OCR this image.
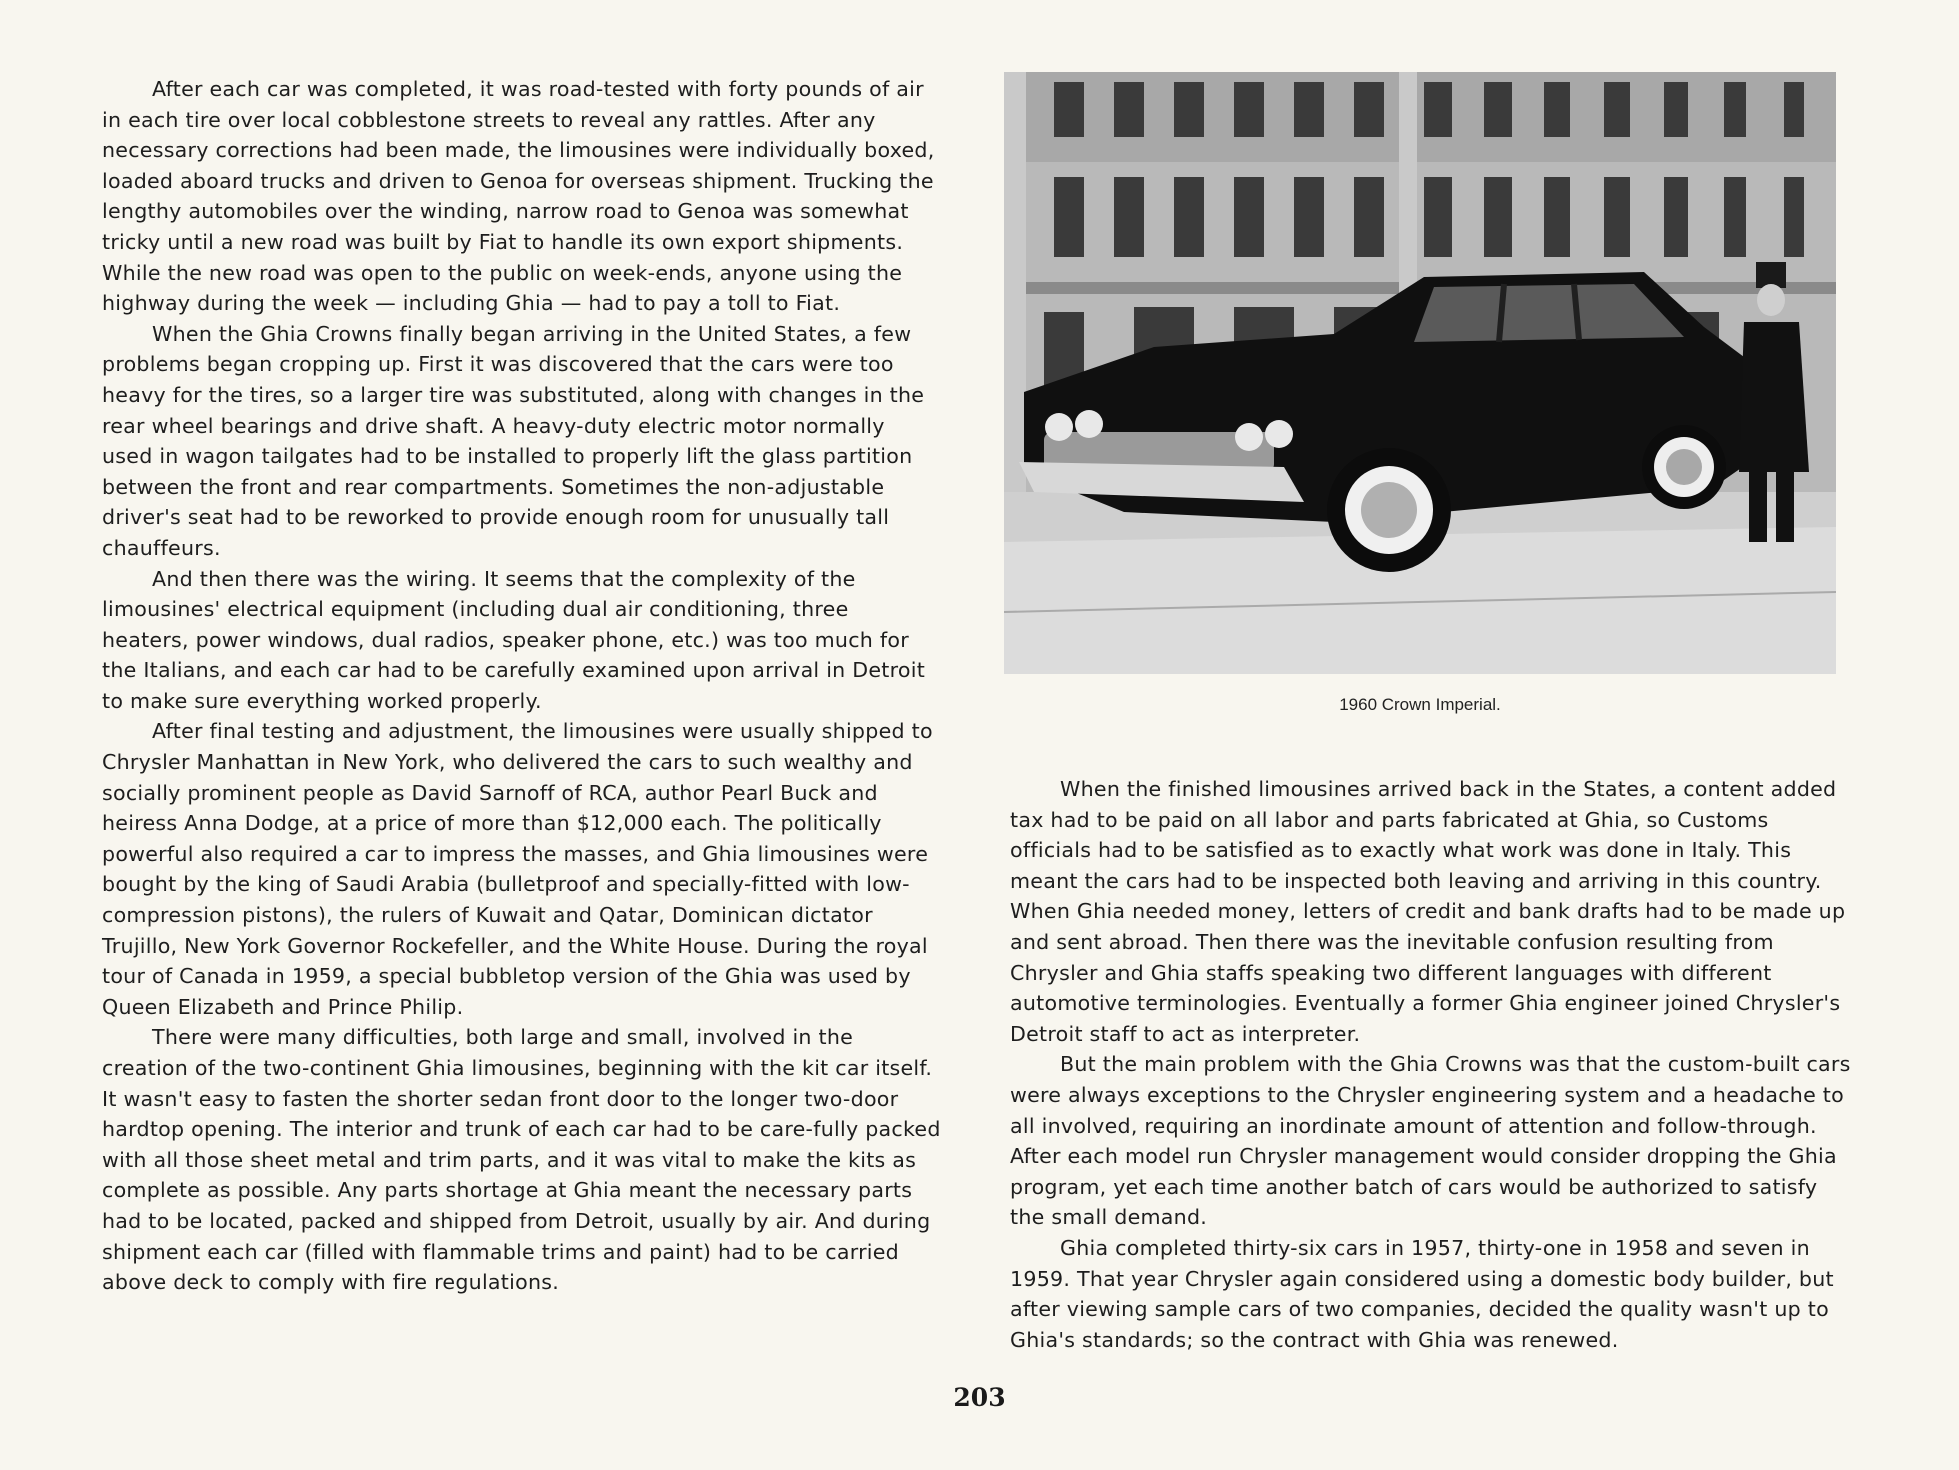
After each car was completed, it was road-tested with forty pounds of air in each tire over local cobblestone streets to reveal any rattles. After any necessary corrections had been made, the limousines were individually boxed, loaded aboard trucks and driven to Genoa for overseas shipment. Trucking the lengthy automobiles over the winding, narrow road to Genoa was somewhat tricky until a new road was built by Fiat to handle its own export shipments. While the new road was open to the public on week-ends, anyone using the highway during the week — including Ghia — had to pay a toll to Fiat.

When the Ghia Crowns finally began arriving in the United States, a few problems began cropping up. First it was discovered that the cars were too heavy for the tires, so a larger tire was substituted, along with changes in the rear wheel bearings and drive shaft. A heavy-duty electric motor normally used in wagon tailgates had to be installed to properly lift the glass partition between the front and rear compartments. Sometimes the non-adjustable driver's seat had to be reworked to provide enough room for unusually tall chauffeurs.

And then there was the wiring. It seems that the complexity of the limousines' electrical equipment (including dual air conditioning, three heaters, power windows, dual radios, speaker phone, etc.) was too much for the Italians, and each car had to be carefully examined upon arrival in Detroit to make sure everything worked properly.

After final testing and adjustment, the limousines were usually shipped to Chrysler Manhattan in New York, who delivered the cars to such wealthy and socially prominent people as David Sarnoff of RCA, author Pearl Buck and heiress Anna Dodge, at a price of more than $12,000 each. The politically powerful also required a car to impress the masses, and Ghia limousines were bought by the king of Saudi Arabia (bulletproof and specially-fitted with low-compression pistons), the rulers of Kuwait and Qatar, Dominican dictator Trujillo, New York Governor Rockefeller, and the White House. During the royal tour of Canada in 1959, a special bubbletop version of the Ghia was used by Queen Elizabeth and Prince Philip.

There were many difficulties, both large and small, involved in the creation of the two-continent Ghia limousines, beginning with the kit car itself. It wasn't easy to fasten the shorter sedan front door to the longer two-door hardtop opening. The interior and trunk of each car had to be care-fully packed with all those sheet metal and trim parts, and it was vital to make the kits as complete as possible. Any parts shortage at Ghia meant the necessary parts had to be located, packed and shipped from Detroit, usually by air. And during shipment each car (filled with flammable trims and paint) had to be carried above deck to comply with fire regulations.

1960 Crown Imperial.

When the finished limousines arrived back in the States, a content added tax had to be paid on all labor and parts fabricated at Ghia, so Customs officials had to be satisfied as to exactly what work was done in Italy. This meant the cars had to be inspected both leaving and arriving in this country. When Ghia needed money, letters of credit and bank drafts had to be made up and sent abroad. Then there was the inevitable confusion resulting from Chrysler and Ghia staffs speaking two different languages with different automotive terminologies. Eventually a former Ghia engineer joined Chrysler's Detroit staff to act as interpreter.

But the main problem with the Ghia Crowns was that the custom-built cars were always exceptions to the Chrysler engineering system and a headache to all involved, requiring an inordinate amount of attention and follow-through. After each model run Chrysler management would consider dropping the Ghia program, yet each time another batch of cars would be authorized to satisfy the small demand.

Ghia completed thirty-six cars in 1957, thirty-one in 1958 and seven in 1959. That year Chrysler again considered using a domestic body builder, but after viewing sample cars of two companies, decided the quality wasn't up to Ghia's standards; so the contract with Ghia was renewed.

203
